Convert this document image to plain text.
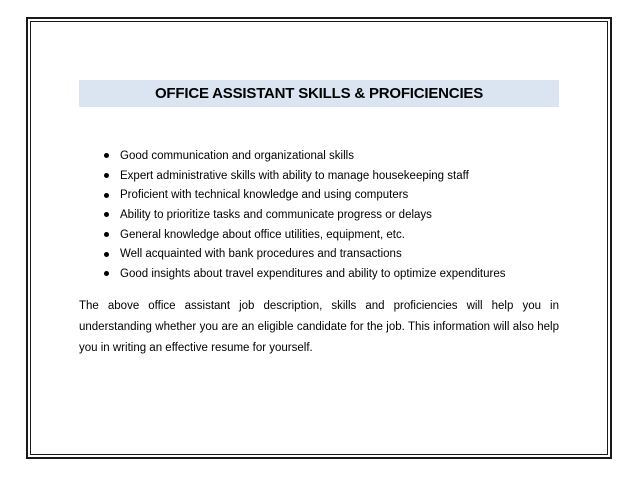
OFFICE ASSISTANT SKILLS & PROFICIENCIES
Good communication and organizational skills
Expert administrative skills with ability to manage housekeeping staff
Proficient with technical knowledge and using computers
Ability to prioritize tasks and communicate progress or delays
General knowledge about office utilities, equipment, etc.
Well acquainted with bank procedures and transactions
Good insights about travel expenditures and ability to optimize expenditures

The above office assistant job description, skills and proficiencies will help you in understanding whether you are an eligible candidate for the job. This information will also help you in writing an effective resume for yourself.
